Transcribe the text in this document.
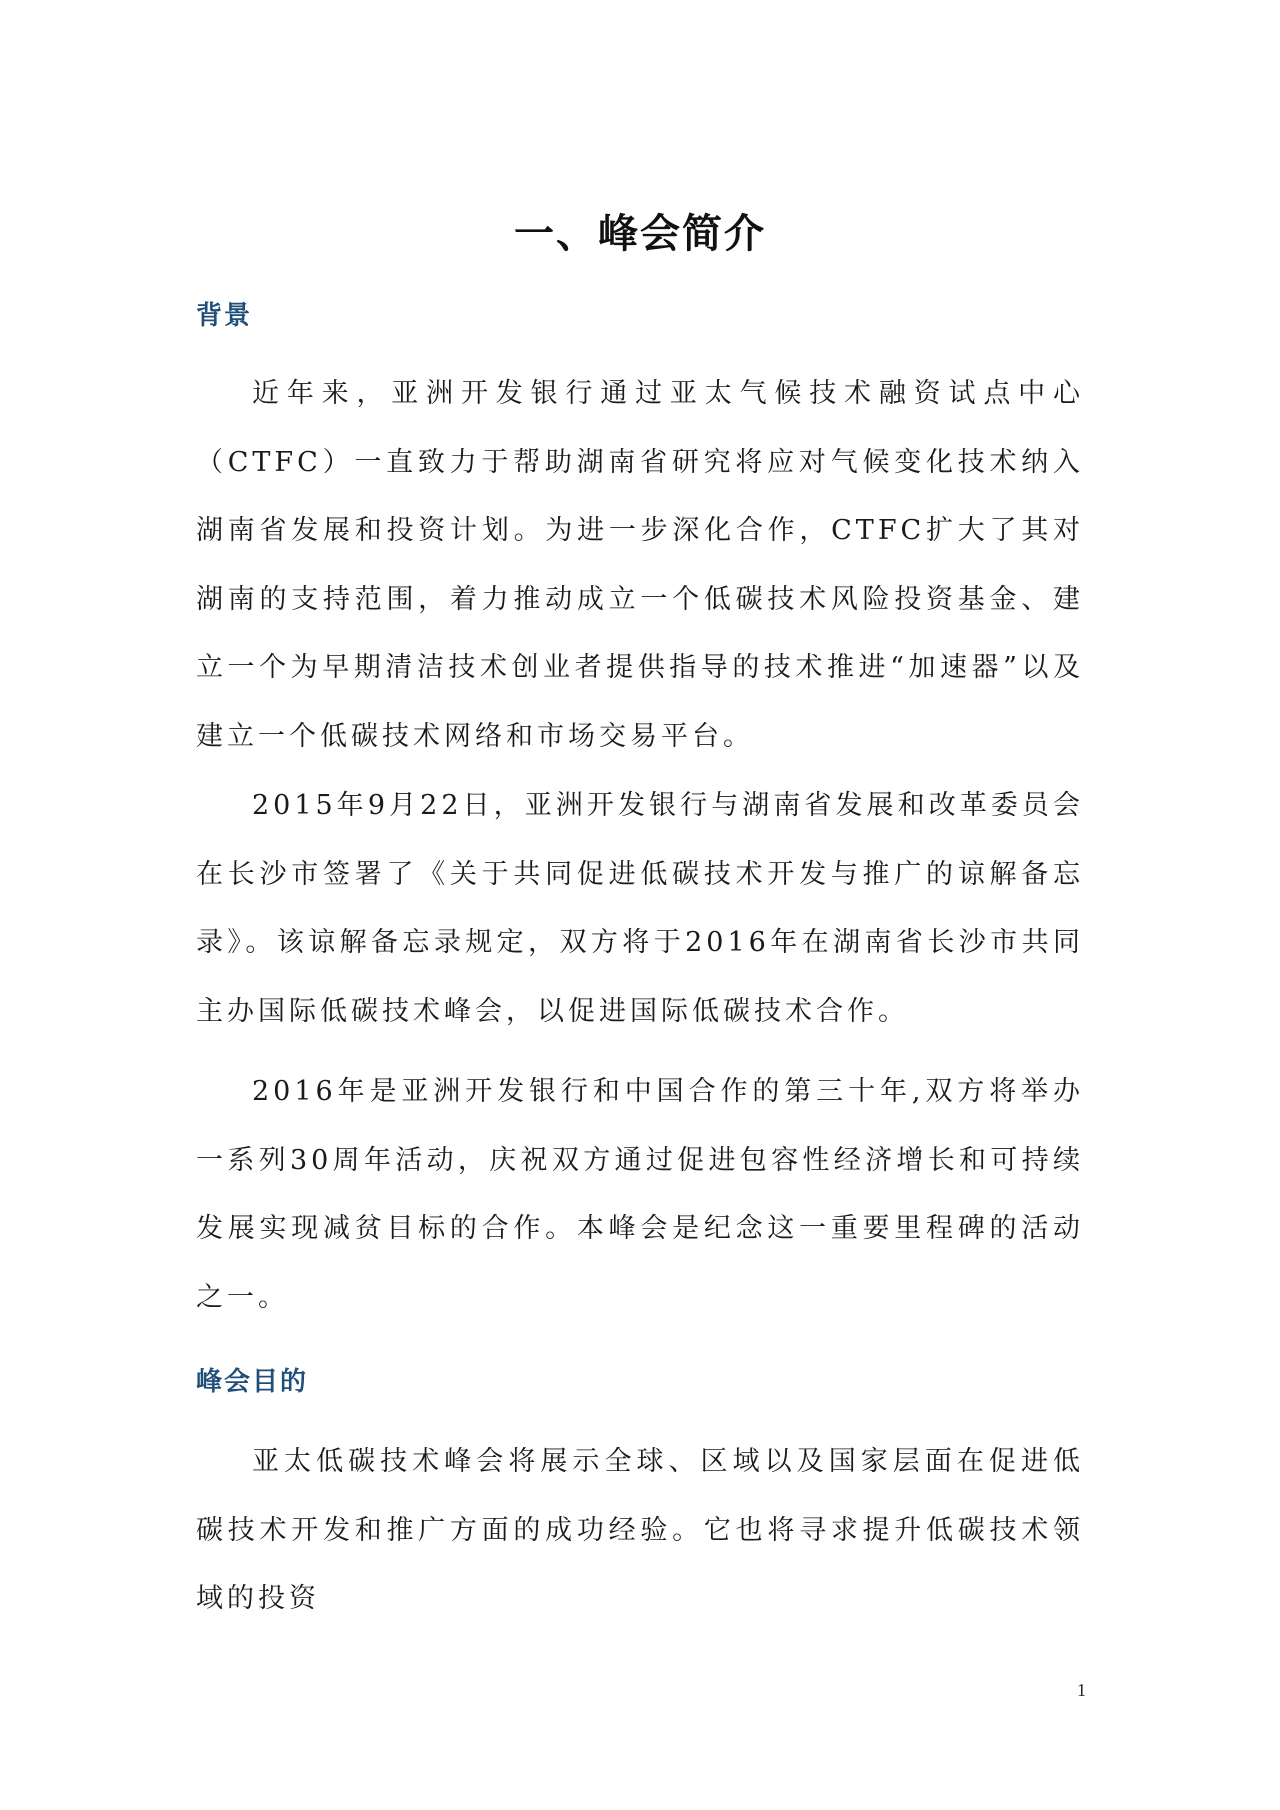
一、峰会简介
背景

近年来，亚洲开发银行通过亚太气候技术融资试点中心（CTFC）一直致力于帮助湖南省研究将应对气候变化技术纳入湖南省发展和投资计划。为进一步深化合作，CTFC扩大了其对湖南的支持范围，着力推动成立一个低碳技术风险投资基金、建立一个为早期清洁技术创业者提供指导的技术推进“加速器”以及建立一个低碳技术网络和市场交易平台。

2015年9月22日，亚洲开发银行与湖南省发展和改革委员会在长沙市签署了《关于共同促进低碳技术开发与推广的谅解备忘录》。该谅解备忘录规定，双方将于2016年在湖南省长沙市共同主办国际低碳技术峰会，以促进国际低碳技术合作。

2016年是亚洲开发银行和中国合作的第三十年,双方将举办一系列30周年活动，庆祝双方通过促进包容性经济增长和可持续发展实现减贫目标的合作。本峰会是纪念这一重要里程碑的活动之一。

峰会目的

亚太低碳技术峰会将展示全球、区域以及国家层面在促进低碳技术开发和推广方面的成功经验。它也将寻求提升低碳技术领域的投资

1
